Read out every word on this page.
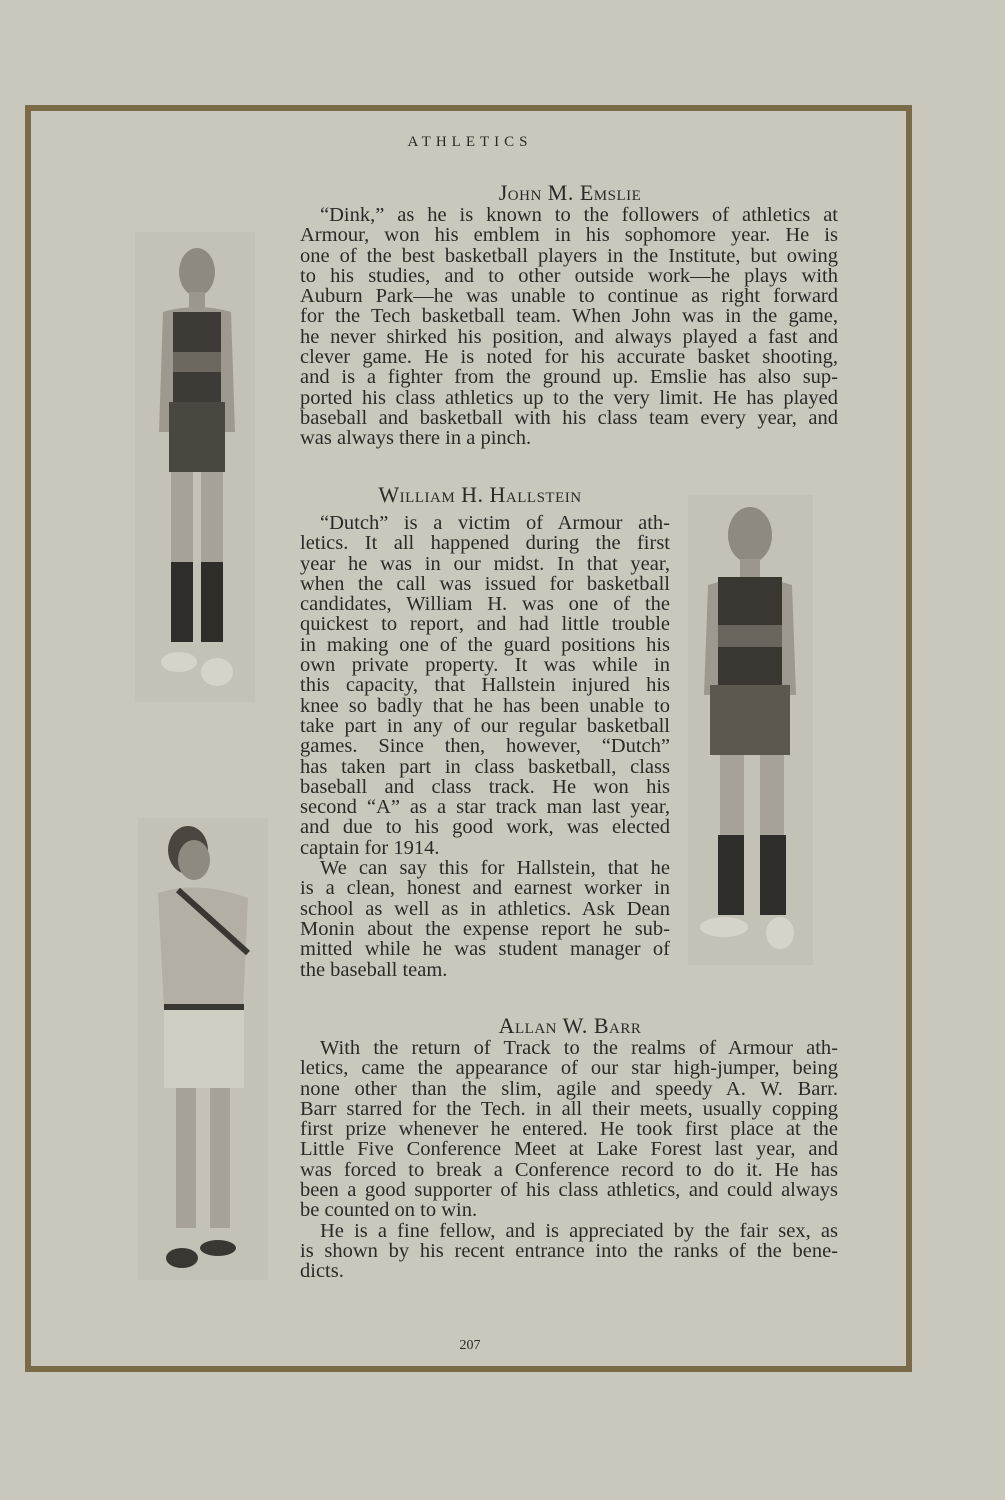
ATHLETICS
John M. Emslie
“Dink,” as he is known to the followers of athletics at
Armour, won his emblem in his sophomore year. He is
one of the best basketball players in the Institute, but owing
to his studies, and to other outside work—he plays with
Auburn Park—he was unable to continue as right forward
for the Tech basketball team. When John was in the game,
he never shirked his position, and always played a fast and
clever game. He is noted for his accurate basket shooting,
and is a fighter from the ground up. Emslie has also sup-
ported his class athletics up to the very limit. He has played
baseball and basketball with his class team every year, and
was always there in a pinch.
William H. Hallstein
“Dutch” is a victim of Armour ath-
letics. It all happened during the first
year he was in our midst. In that year,
when the call was issued for basketball
candidates, William H. was one of the
quickest to report, and had little trouble
in making one of the guard positions his
own private property. It was while in
this capacity, that Hallstein injured his
knee so badly that he has been unable to
take part in any of our regular basketball
games. Since then, however, “Dutch”
has taken part in class basketball, class
baseball and class track. He won his
second “A” as a star track man last year,
and due to his good work, was elected
captain for 1914.
We can say this for Hallstein, that he
is a clean, honest and earnest worker in
school as well as in athletics. Ask Dean
Monin about the expense report he sub-
mitted while he was student manager of
the baseball team.
Allan W. Barr
With the return of Track to the realms of Armour ath-
letics, came the appearance of our star high-jumper, being
none other than the slim, agile and speedy A. W. Barr.
Barr starred for the Tech. in all their meets, usually copping
first prize whenever he entered. He took first place at the
Little Five Conference Meet at Lake Forest last year, and
was forced to break a Conference record to do it. He has
been a good supporter of his class athletics, and could always
be counted on to win.
He is a fine fellow, and is appreciated by the fair sex, as
is shown by his recent entrance into the ranks of the bene-
dicts.
207
